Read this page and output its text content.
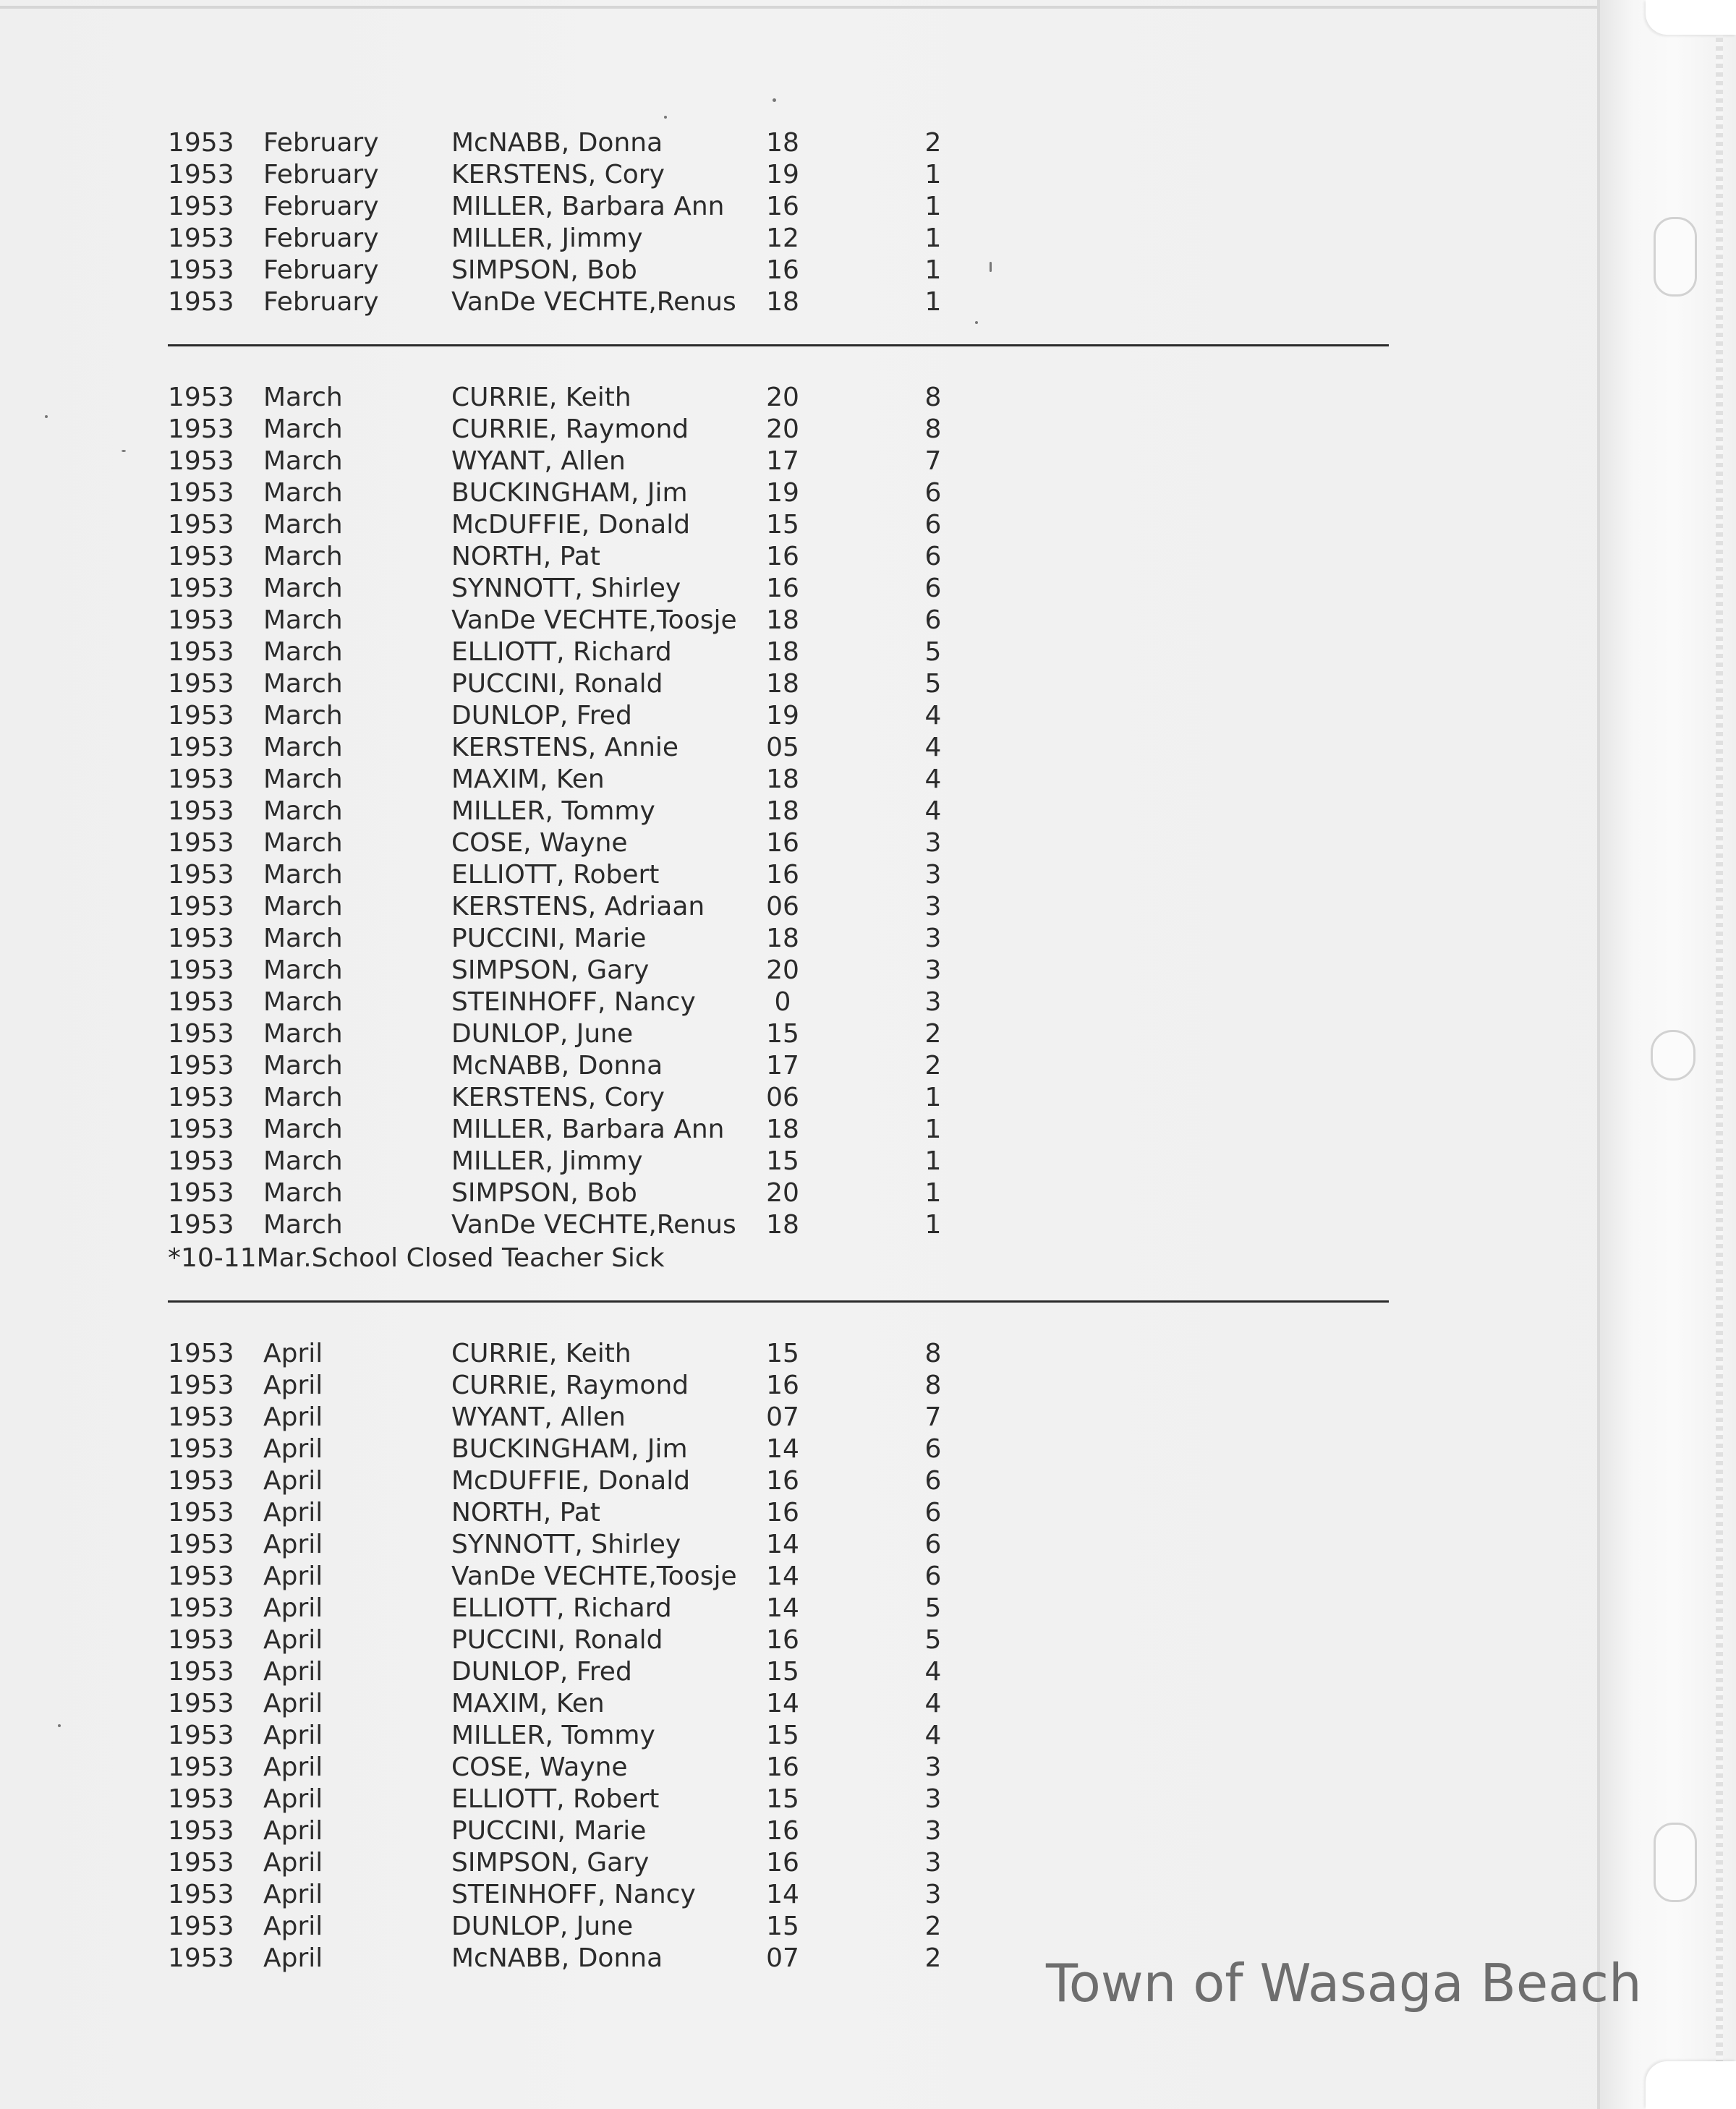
1953 February	McNABB, Donna	18	2
1953 February	KERSTENS, Cory	19	1
1953 February	MILLER, Barbara Ann 16	1
1953 February	MILLER, Jimmy	12	1
1953 February	SIMPSON, Bob	16	1
1953 February	VanDe VECHTE,Renus 18	1
1953 March	CURRIE, Keith	20	8
1953 March	CURRIE, Raymond	20	8
1953 March	WYANT, Allen	17	7
1953 March	BUCKINGHAM, Jim	19	6
1953 March	McDUFFIE, Donald	15	6
1953 March	NORTH, Pat	16	6
1953 March	SYNNOTT, Shirley	16	6
1953 March	VanDe VECHTE,Toosje 18	6
1953 March	ELLIOTT, Richard	18	5
1953 March	PUCCINI, Ronald	18	5
1953 March	DUNLOP, Fred	19	4
1953 March	KERSTENS, Annie	05	4
1953 March	MAXIM, Ken	18	4
1953 March	MILLER, Tommy	18	4
1953 March	COSE, Wayne	16	3
1953 March	ELLIOTT, Robert	16	3
1953 March	KERSTENS, Adriaan 06	3
1953 March	PUCCINI, Marie	18	3
1953 March	SIMPSON, Gary	20	3
1953 March	STEINHOFF, Nancy	0	3
1953 March	DUNLOP, June	15	2
1953 March	McNABB, Donna	17	2
1953 March	KERSTENS, Cory	06	1
1953 March	MILLER, Barbara Ann 18	1
1953 March	MILLER, Jimmy	15	1
1953 March	SIMPSON, Bob	20	1
1953 March	VanDe VECHTE,Renus 18	1
1953 April	CURRIE, Keith	15	8
1953 April	CURRIE, Raymond	16	8
1953 April	WYANT, Allen	07	7
1953 April	BUCKINGHAM, Jim	14	6
1953 April	McDUFFIE, Donald	16	6
1953 April	NORTH, Pat	16	6
1953 April	SYNNOTT, Shirley	14	6
1953 April	VanDe VECHTE,Toosje 14	6
1953 April	ELLIOTT, Richard	14	5
1953 April	PUCCINI, Ronald	16	5
1953 April	DUNLOP, Fred	15	4
1953 April	MAXIM, Ken	14	4
1953 April	MILLER, Tommy	15	4
1953 April	COSE, Wayne	16	3
1953 April	ELLIOTT, Robert	15	3
1953 April	PUCCINI, Marie	16	3
1953 April	SIMPSON, Gary	16	3
1953 April	STEINHOFF, Nancy	14	3
1953 April	DUNLOP, June	15	2
1953 April	McNABB, Donna	07	2
*10-11Mar.School Closed Teacher Sick
Town of Wasaga Beach
